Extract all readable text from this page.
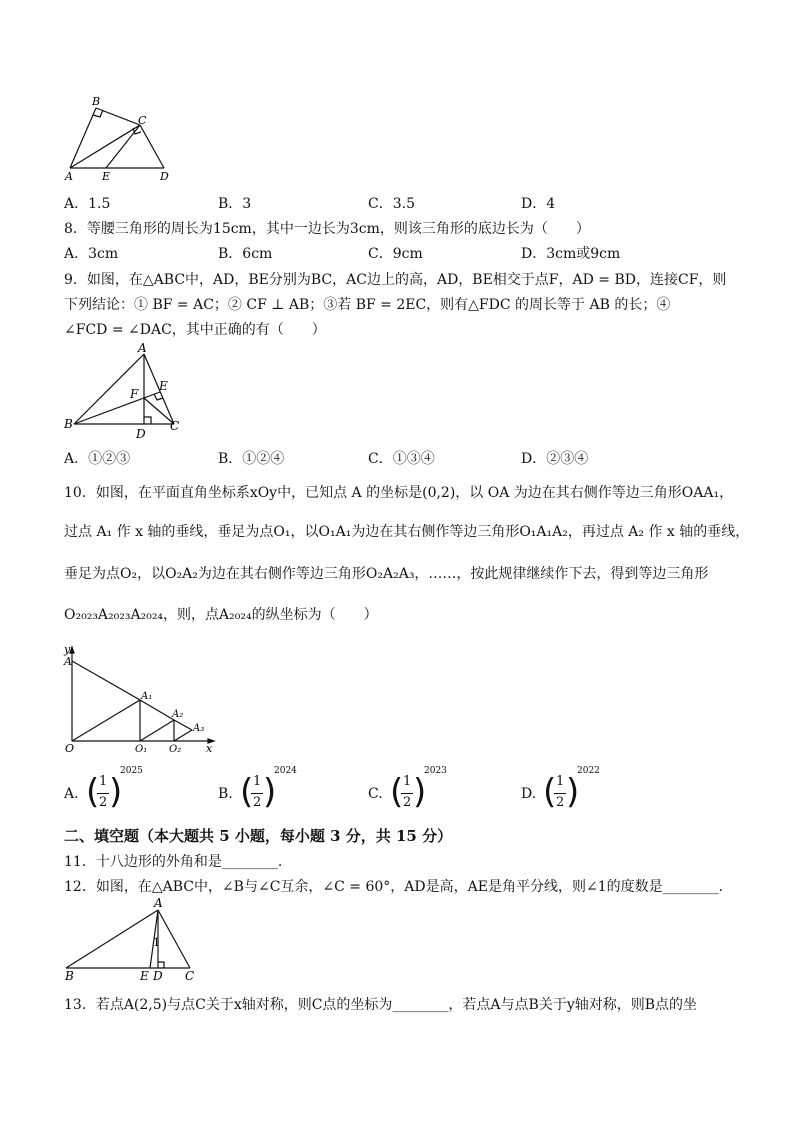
B
C
A	E	D
A．1.5	B．3	C．3.5	D．4
8．等腰三角形的周长为15cm，其中一边长为3cm，则该三角形的底边长为（　　）
A．3cm	B．6cm	C．9cm	D．3cm或9cm
9．如图，在△ABC中，AD，BE分别为BC，AC边上的高，AD，BE相交于点F，AD = BD，连接CF，则
下列结论：① BF = AC；② CF ⊥ AB；③若 BF = 2EC，则有△FDC 的周长等于 AB 的长；④
∠FCD = ∠DAC，其中正确的有（　　）
A
E
F
B
D
C
A．①②③	B．①②④	C．①③④	D．②③④
10．如图，在平面直角坐标系xOy中，已知点 A 的坐标是(0,2)，以 OA 为边在其右侧作等边三角形OAA₁，
过点 A₁ 作 x 轴的垂线，垂足为点O₁，以O₁A₁为边在其右侧作等边三角形O₁A₁A₂，再过点 A₂ 作 x 轴的垂线，
垂足为点O₂，以O₂A₂为边在其右侧作等边三角形O₂A₂A₃，……，按此规律继续作下去，得到等边三角形
O₂₀₂₃A₂₀₂₃A₂₀₂₄，则，点A₂₀₂₄的纵坐标为（　　）
y
A
A₁
A₂
A₃
O	O₁ O₂ x
A. ( 1
2 )
2025
B. ( 1
2 )
2024
C. ( 1
2 )
2023
D. ( 1
2 )
2022
二、填空题（本大题共 5 小题，每小题 3 分，共 15 分）
11．十八边形的外角和是________.
12．如图，在△ABC中，∠B与∠C互余，∠C = 60°，AD是高，AE是角平分线，则∠1的度数是________.
A
1
B	E D C
13．若点A(2,5)与点C关于x轴对称，则C点的坐标为________，若点A与点B关于y轴对称，则B点的坐
